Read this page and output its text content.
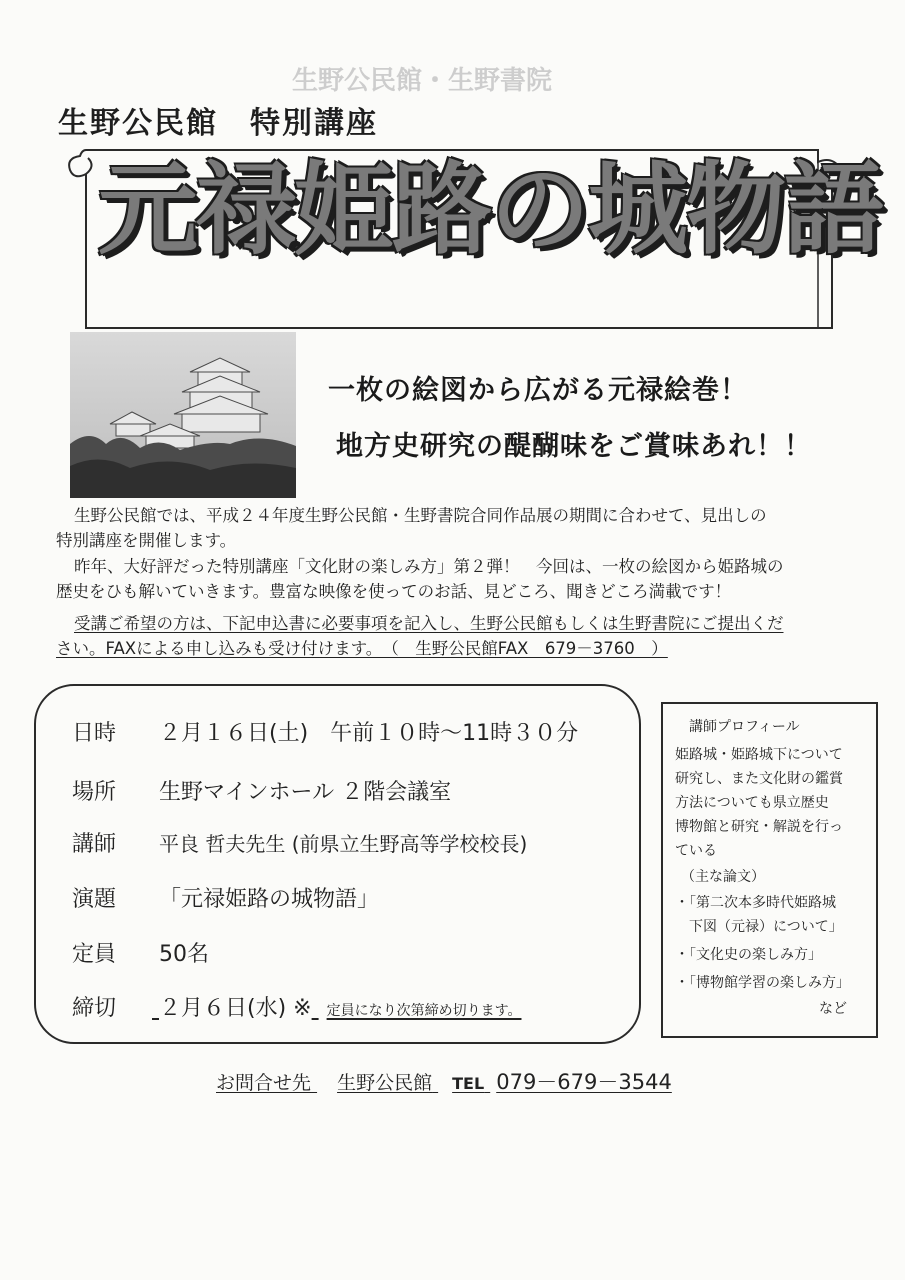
生野公民館・生野書院
生野公民館　特別講座
元禄姫路の城物語
一枚の絵図から広がる元禄絵巻！
地方史研究の醍醐味をご賞味あれ！！
生野公民館では、平成２４年度生野公民館・生野書院合同作品展の期間に合わせて、見出しの
特別講座を開催します。
昨年、大好評だった特別講座「文化財の楽しみ方」第２弾！　今回は、一枚の絵図から姫路城の
歴史をひも解いていきます。豊富な映像を使ってのお話、見どころ、聞きどころ満載です！
受講ご希望の方は、下記申込書に必要事項を記入し、生野公民館もしくは生野書院にご提出くだ
さい。FAXによる申し込みも受け付けます。　（　生野公民館FAX　679－3760　）
日時 ２月１６日(土)　午前１０時～11時３０分
場所 生野マインホール ２階会議室
講師 平良 哲夫先生 (前県立生野高等学校校長)
演題 「元禄姫路の城物語」
定員 50名
締切 ２月６日(水) ※ 定員になり次第締め切ります。
講師プロフィール
姫路城・姫路城下について
研究し、また文化財の鑑賞
方法についても県立歴史
博物館と研究・解説を行っ
ている
（主な論文）
・「第二次本多時代姫路城
　下図（元禄）について」
・「文化史の楽しみ方」
・「博物館学習の楽しみ方」
など
お問合せ先 生野公民館 TEL 079－679－3544
